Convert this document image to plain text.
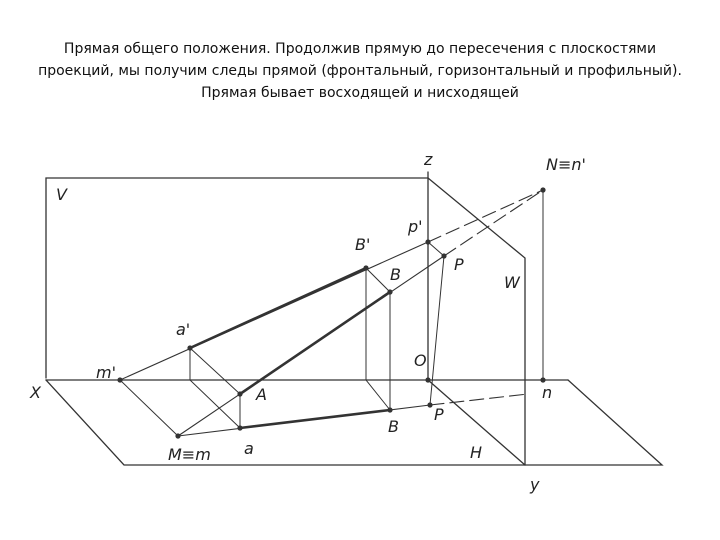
Прямая общего положения. Продолжив прямую до пересечения с плоскостями проекций, мы получим следы прямой (фронтальный, горизонтальный и профильный). Прямая бывает восходящей и нисходящей
z	N≡n'
V
p'
B'
B
P
W
a'
m'
O
X	A	n
P
B
M≡m a	H
y
